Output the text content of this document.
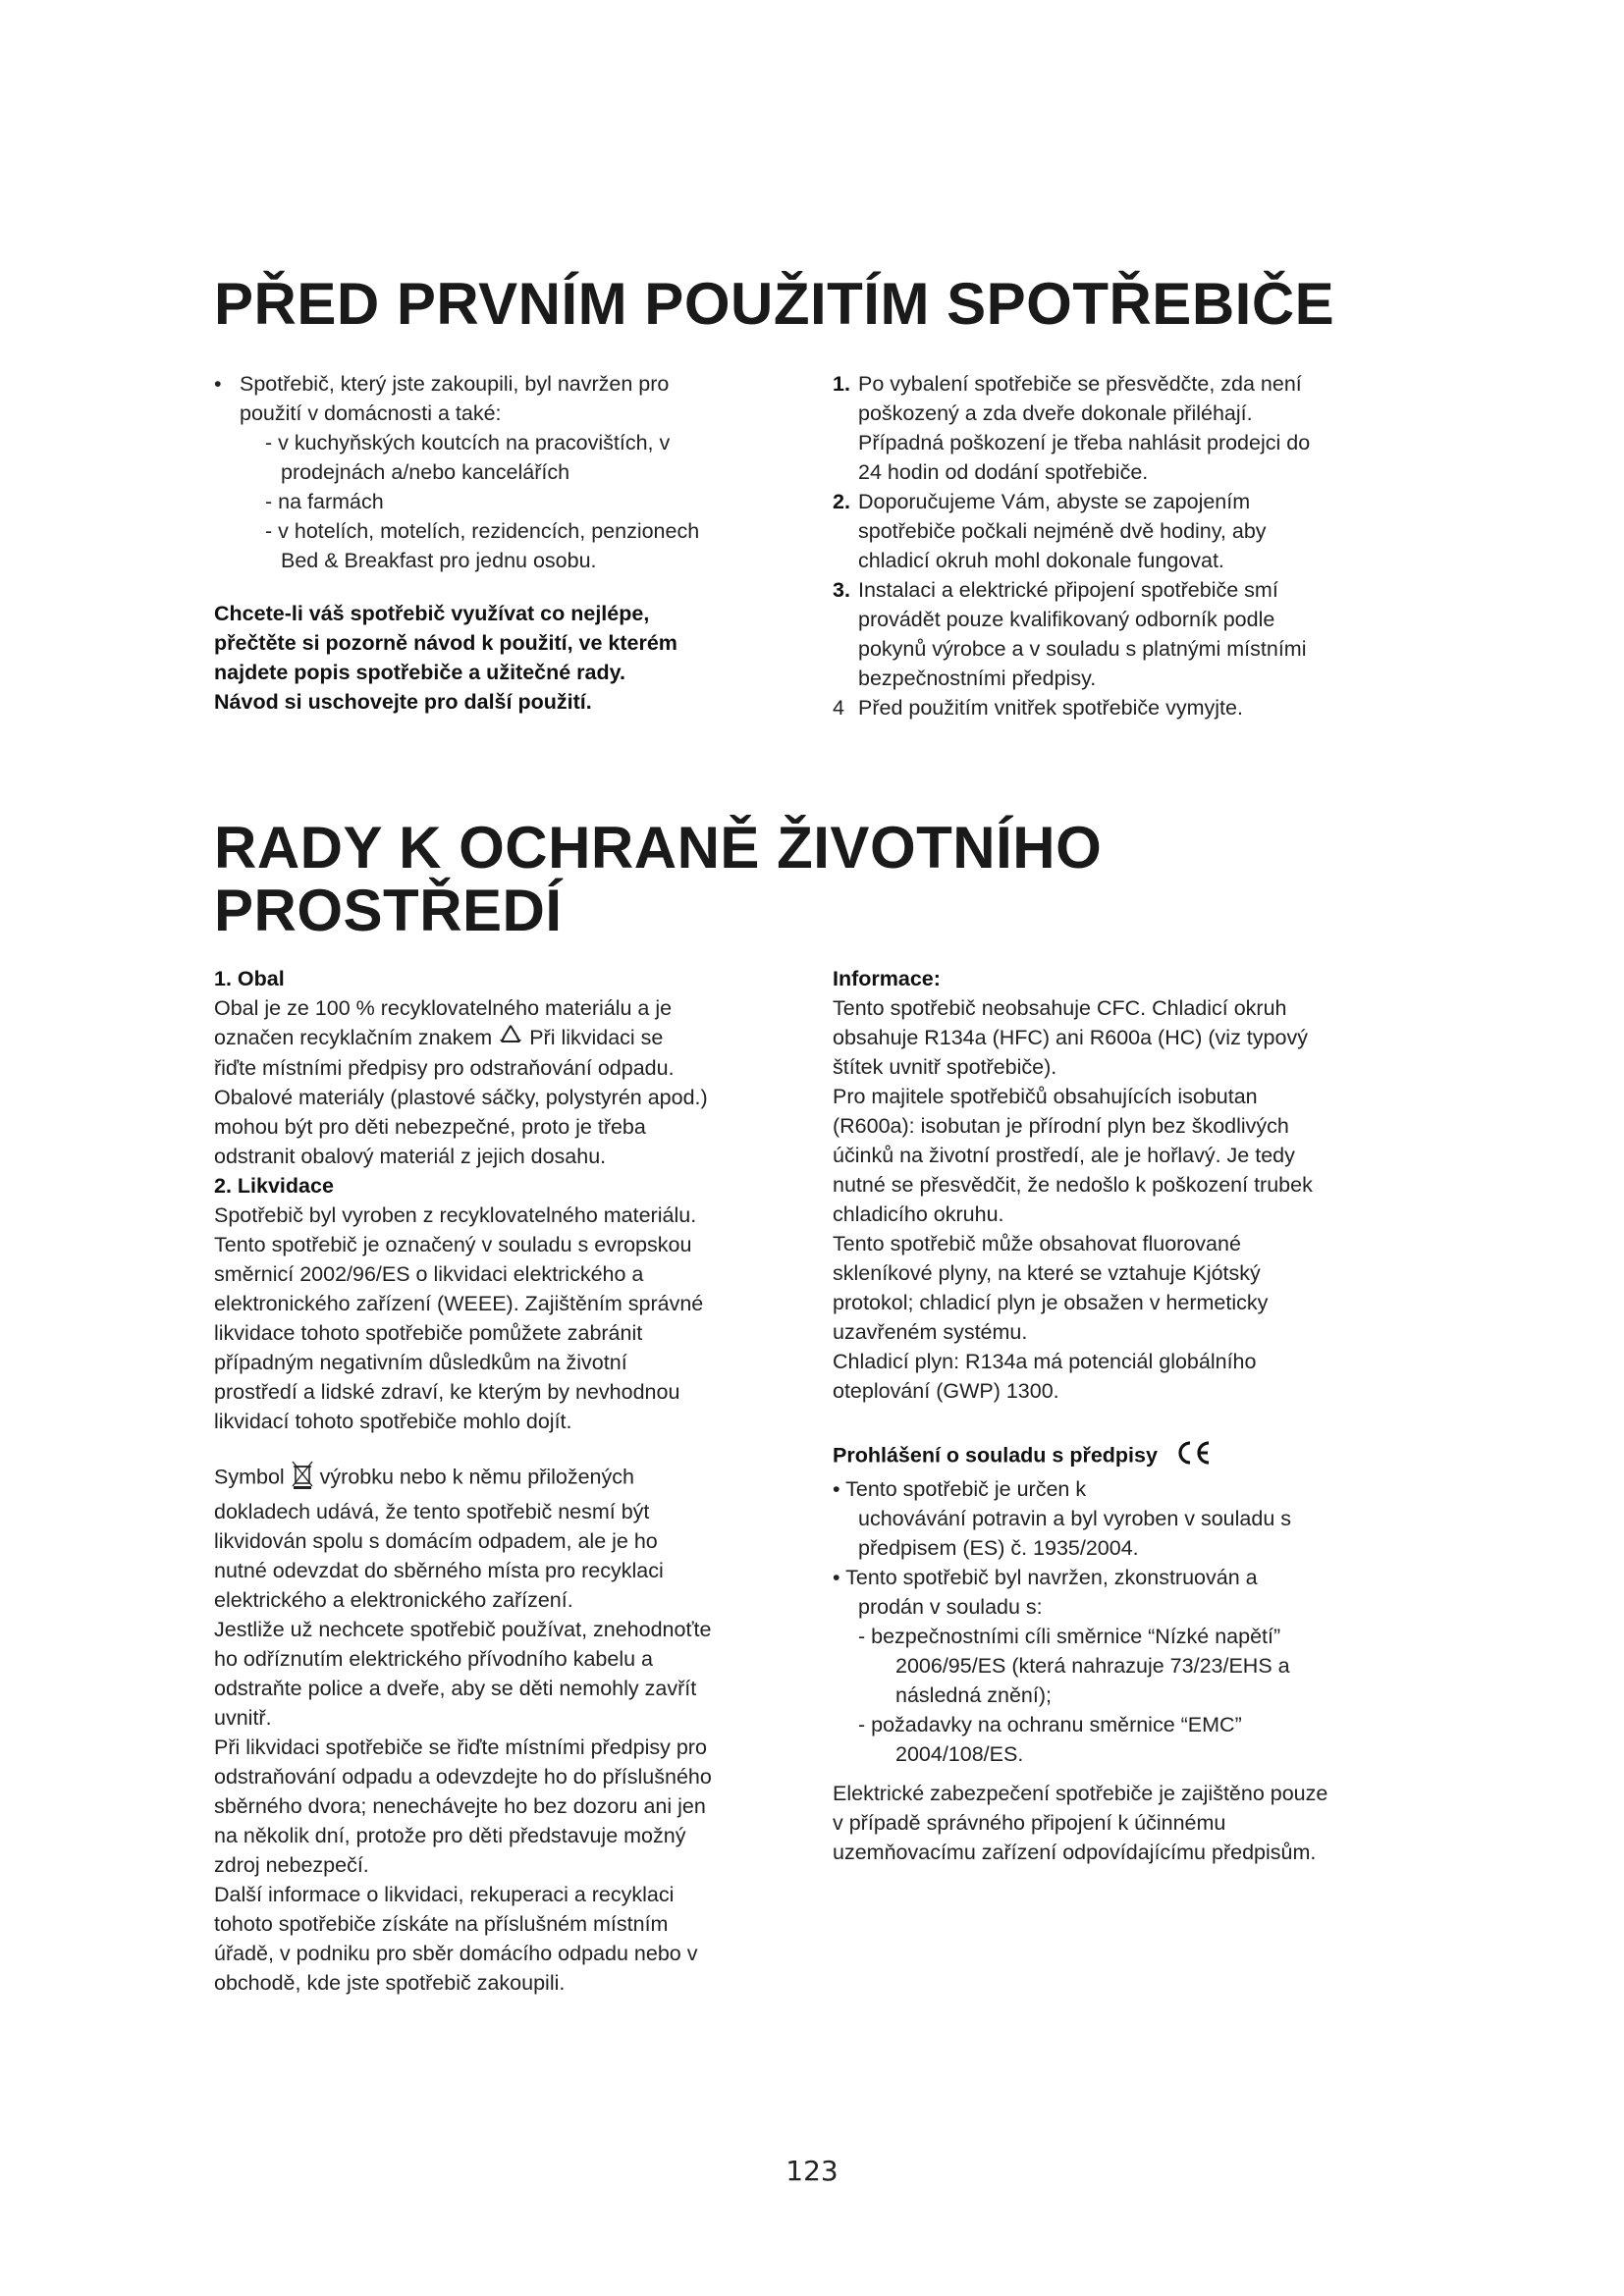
PŘED PRVNÍM POUŽITÍM SPOTŘEBIČE
• Spotřebič, který jste zakoupili, byl navržen pro
použití v domácnosti a také:
- v kuchyňských koutcích na pracovištích, v
prodejnách a/nebo kancelářích
- na farmách
- v hotelích, motelích, rezidencích, penzionech
Bed & Breakfast pro jednu osobu.
Chcete-li váš spotřebič využívat co nejlépe,
přečtěte si pozorně návod k použití, ve kterém
najdete popis spotřebiče a užitečné rady.
Návod si uschovejte pro další použití.
1. Po vybalení spotřebiče se přesvědčte, zda není
poškozený a zda dveře dokonale přiléhají.
Případná poškození je třeba nahlásit prodejci do
24 hodin od dodání spotřebiče.
2. Doporučujeme Vám, abyste se zapojením
spotřebiče počkali nejméně dvě hodiny, aby
chladicí okruh mohl dokonale fungovat.
3. Instalaci a elektrické připojení spotřebiče smí
provádět pouze kvalifikovaný odborník podle
pokynů výrobce a v souladu s platnými místními
bezpečnostními předpisy.
4 Před použitím vnitřek spotřebiče vymyjte.
RADY K OCHRANĚ ŽIVOTNÍHO
PROSTŘEDÍ
1. Obal
Obal je ze 100 % recyklovatelného materiálu a je
označen recyklačním znakem Při likvidaci se
řiďte místními předpisy pro odstraňování odpadu.
Obalové materiály (plastové sáčky, polystyrén apod.)
mohou být pro děti nebezpečné, proto je třeba
odstranit obalový materiál z jejich dosahu.
2. Likvidace
Spotřebič byl vyroben z recyklovatelného materiálu.
Tento spotřebič je označený v souladu s evropskou
směrnicí 2002/96/ES o likvidaci elektrického a
elektronického zařízení (WEEE). Zajištěním správné
likvidace tohoto spotřebiče pomůžete zabránit
případným negativním důsledkům na životní
prostředí a lidské zdraví, ke kterým by nevhodnou
likvidací tohoto spotřebiče mohlo dojít.
Symbol výrobku nebo k němu přiložených
dokladech udává, že tento spotřebič nesmí být
likvidován spolu s domácím odpadem, ale je ho
nutné odevzdat do sběrného místa pro recyklaci
elektrického a elektronického zařízení.
Jestliže už nechcete spotřebič používat, znehodnoťte
ho odříznutím elektrického přívodního kabelu a
odstraňte police a dveře, aby se děti nemohly zavřít
uvnitř.
Při likvidaci spotřebiče se řiďte místními předpisy pro
odstraňování odpadu a odevzdejte ho do příslušného
sběrného dvora; nenechávejte ho bez dozoru ani jen
na několik dní, protože pro děti představuje možný
zdroj nebezpečí.
Další informace o likvidaci, rekuperaci a recyklaci
tohoto spotřebiče získáte na příslušném místním
úřadě, v podniku pro sběr domácího odpadu nebo v
obchodě, kde jste spotřebič zakoupili.
Informace:
Tento spotřebič neobsahuje CFC. Chladicí okruh
obsahuje R134a (HFC) ani R600a (HC) (viz typový
štítek uvnitř spotřebiče).
Pro majitele spotřebičů obsahujících isobutan
(R600a): isobutan je přírodní plyn bez škodlivých
účinků na životní prostředí, ale je hořlavý. Je tedy
nutné se přesvědčit, že nedošlo k poškození trubek
chladicího okruhu.
Tento spotřebič může obsahovat fluorované
skleníkové plyny, na které se vztahuje Kjótský
protokol; chladicí plyn je obsažen v hermeticky
uzavřeném systému.
Chladicí plyn: R134a má potenciál globálního
oteplování (GWP) 1300.
Prohlášení o souladu s předpisy
• Tento spotřebič je určen k
uchovávání potravin a byl vyroben v souladu s
předpisem (ES) č. 1935/2004.
• Tento spotřebič byl navržen, zkonstruován a
prodán v souladu s:
- bezpečnostními cíli směrnice “Nízké napětí”
2006/95/ES (která nahrazuje 73/23/EHS a
následná znění);
- požadavky na ochranu směrnice “EMC”
2004/108/ES.
Elektrické zabezpečení spotřebiče je zajištěno pouze
v případě správného připojení k účinnému
uzemňovacímu zařízení odpovídajícímu předpisům.
123
